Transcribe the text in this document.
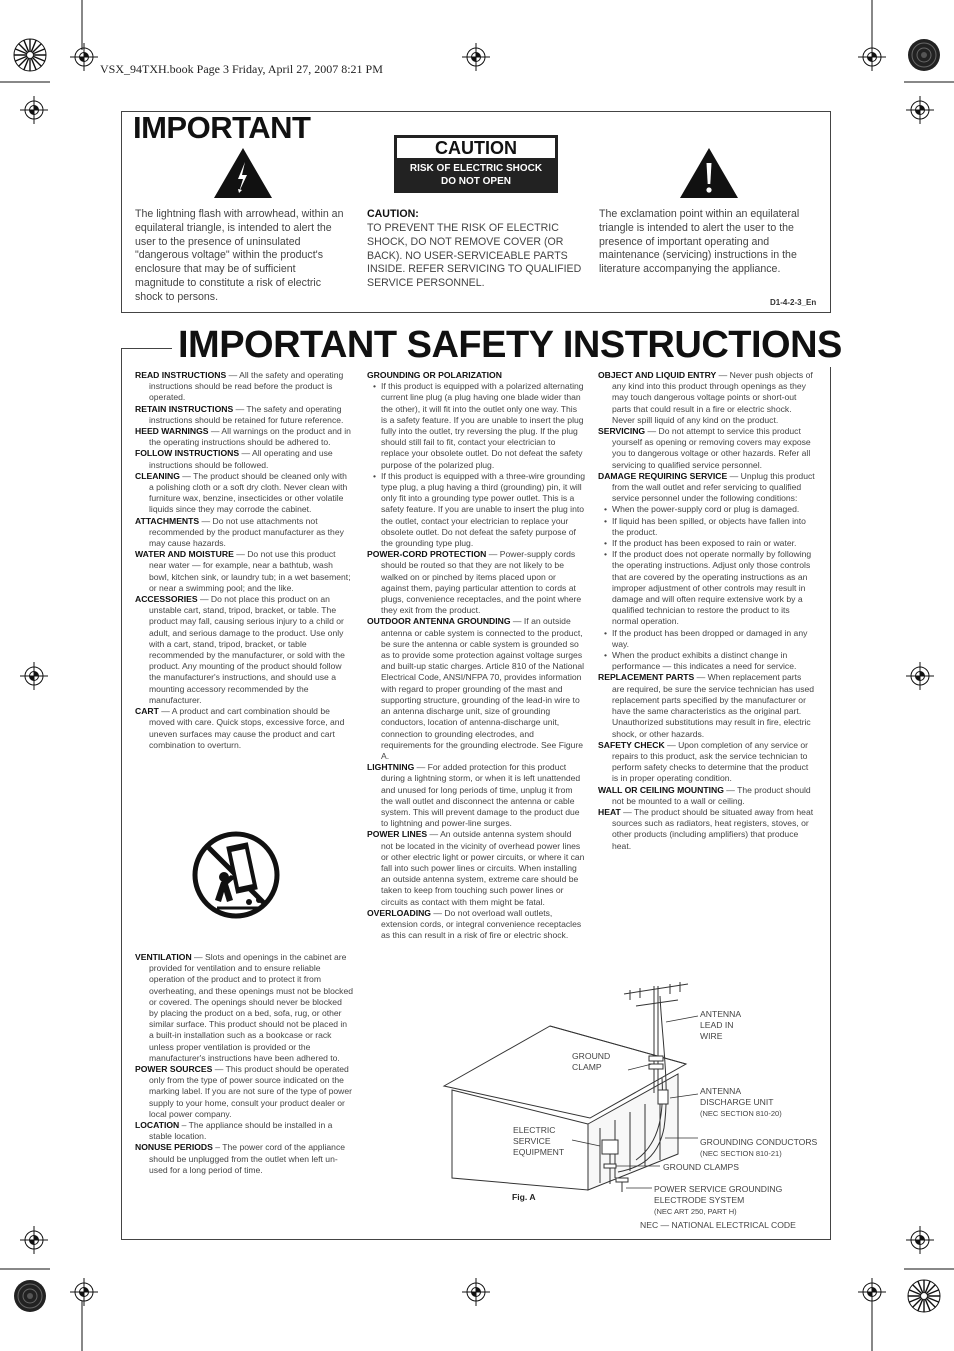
VSX_94TXH.book Page 3 Friday, April 27, 2007 8:21 PM
IMPORTANT
CAUTION
RISK OF ELECTRIC SHOCK
DO NOT OPEN
The lightning flash with arrowhead, within an equilateral triangle, is intended to alert the user to the presence of uninsulated "dangerous voltage" within the product's enclosure that may be of sufficient magnitude to constitute a risk of electric shock to persons.
CAUTION:
TO PREVENT THE RISK OF ELECTRIC SHOCK, DO NOT REMOVE COVER (OR BACK). NO USER-SERVICEABLE PARTS INSIDE. REFER SERVICING TO QUALIFIED SERVICE PERSONNEL.
The exclamation point within an equilateral triangle is intended to alert the user to the presence of important operating and maintenance (servicing) instructions in the literature accompanying the appliance.
D1-4-2-3_En
IMPORTANT SAFETY INSTRUCTIONS

READ INSTRUCTIONS — All the safety and operating instructions should be read before the product is operated.

RETAIN INSTRUCTIONS — The safety and operating instructions should be retained for future reference.

HEED WARNINGS — All warnings on the product and in the operating instructions should be adhered to.

FOLLOW INSTRUCTIONS — All operating and use instructions should be followed.

CLEANING — The product should be cleaned only with a polishing cloth or a soft dry cloth. Never clean with furniture wax, benzine, insecticides or other volatile liquids since they may corrode the cabinet.

ATTACHMENTS — Do not use attachments not recommended by the product manufacturer as they may cause hazards.

WATER AND MOISTURE — Do not use this product near water — for example, near a bathtub, wash bowl, kitchen sink, or laundry tub; in a wet basement; or near a swimming pool; and the like.

ACCESSORIES — Do not place this product on an unstable cart, stand, tripod, bracket, or table. The product may fall, causing serious injury to a child or adult, and serious damage to the product. Use only with a cart, stand, tripod, bracket, or table recommended by the manufacturer, or sold with the product. Any mounting of the product should follow the manufacturer's instructions, and should use a mounting accessory recommended by the manufacturer.

CART — A product and cart combination should be moved with care. Quick stops, excessive force, and uneven surfaces may cause the product and cart combination to overturn.

VENTILATION — Slots and openings in the cabinet are provided for ventilation and to ensure reliable operation of the product and to protect it from overheating, and these openings must not be blocked or covered. The openings should never be blocked by placing the product on a bed, sofa, rug, or other similar surface. This product should not be placed in a built-in installation such as a bookcase or rack unless proper ventilation is provided or the manufacturer's instructions have been adhered to.

POWER SOURCES — This product should be operated only from the type of power source indicated on the marking label. If you are not sure of the type of power supply to your home, consult your product dealer or local power company.

LOCATION – The appliance should be installed in a stable location.

NONUSE PERIODS – The power cord of the appliance should be unplugged from the outlet when left un-used for a long period of time.

GROUNDING OR POLARIZATION
• If this product is equipped with a polarized alternating current line plug (a plug having one blade wider than the other), it will fit into the outlet only one way. This is a safety feature. If you are unable to insert the plug fully into the outlet, try reversing the plug. If the plug should still fail to fit, contact your electrician to replace your obsolete outlet. Do not defeat the safety purpose of the polarized plug.
• If this product is equipped with a three-wire grounding type plug, a plug having a third (grounding) pin, it will only fit into a grounding type power outlet. This is a safety feature. If you are unable to insert the plug into the outlet, contact your electrician to replace your obsolete outlet. Do not defeat the safety purpose of the grounding type plug.

POWER-CORD PROTECTION — Power-supply cords should be routed so that they are not likely to be walked on or pinched by items placed upon or against them, paying particular attention to cords at plugs, convenience receptacles, and the point where they exit from the product.

OUTDOOR ANTENNA GROUNDING — If an outside antenna or cable system is connected to the product, be sure the antenna or cable system is grounded so as to provide some protection against voltage surges and built-up static charges. Article 810 of the National Electrical Code, ANSI/NFPA 70, provides information with regard to proper grounding of the mast and supporting structure, grounding of the lead-in wire to an antenna discharge unit, size of grounding conductors, location of antenna-discharge unit, connection to grounding electrodes, and requirements for the grounding electrode. See Figure A.

LIGHTNING — For added protection for this product during a lightning storm, or when it is left unattended and unused for long periods of time, unplug it from the wall outlet and disconnect the antenna or cable system. This will prevent damage to the product due to lightning and power-line surges.

POWER LINES — An outside antenna system should not be located in the vicinity of overhead power lines or other electric light or power circuits, or where it can fall into such power lines or circuits. When installing an outside antenna system, extreme care should be taken to keep from touching such power lines or circuits as contact with them might be fatal.

OVERLOADING — Do not overload wall outlets, extension cords, or integral convenience receptacles as this can result in a risk of fire or electric shock.

OBJECT AND LIQUID ENTRY — Never push objects of any kind into this product through openings as they may touch dangerous voltage points or short-out parts that could result in a fire or electric shock. Never spill liquid of any kind on the product.

SERVICING — Do not attempt to service this product yourself as opening or removing covers may expose you to dangerous voltage or other hazards. Refer all servicing to qualified service personnel.

DAMAGE REQUIRING SERVICE — Unplug this product from the wall outlet and refer servicing to qualified service personnel under the following conditions:

• When the power-supply cord or plug is damaged.
• If liquid has been spilled, or objects have fallen into the product.
• If the product has been exposed to rain or water.
• If the product does not operate normally by following the operating instructions. Adjust only those controls that are covered by the operating instructions as an improper adjustment of other controls may result in damage and will often require extensive work by a qualified technician to restore the product to its normal operation.
• If the product has been dropped or damaged in any way.
• When the product exhibits a distinct change in performance — this indicates a need for service.

REPLACEMENT PARTS — When replacement parts are required, be sure the service technician has used replacement parts specified by the manufacturer or have the same characteristics as the original part. Unauthorized substitutions may result in fire, electric shock, or other hazards.

SAFETY CHECK — Upon completion of any service or repairs to this product, ask the service technician to perform safety checks to determine that the product is in proper operating condition.

WALL OR CEILING MOUNTING — The product should not be mounted to a wall or ceiling.

HEAT — The product should be situated away from heat sources such as radiators, heat registers, stoves, or other products (including amplifiers) that produce heat.

ANTENNA LEAD IN WIRE
GROUND CLAMP
ANTENNA DISCHARGE UNIT
(NEC SECTION 810-20)
ELECTRIC SERVICE EQUIPMENT
GROUNDING CONDUCTORS
(NEC SECTION 810-21)
GROUND CLAMPS
POWER SERVICE GROUNDING ELECTRODE SYSTEM
(NEC ART 250, PART H)
Fig. A
NEC — NATIONAL ELECTRICAL CODE
